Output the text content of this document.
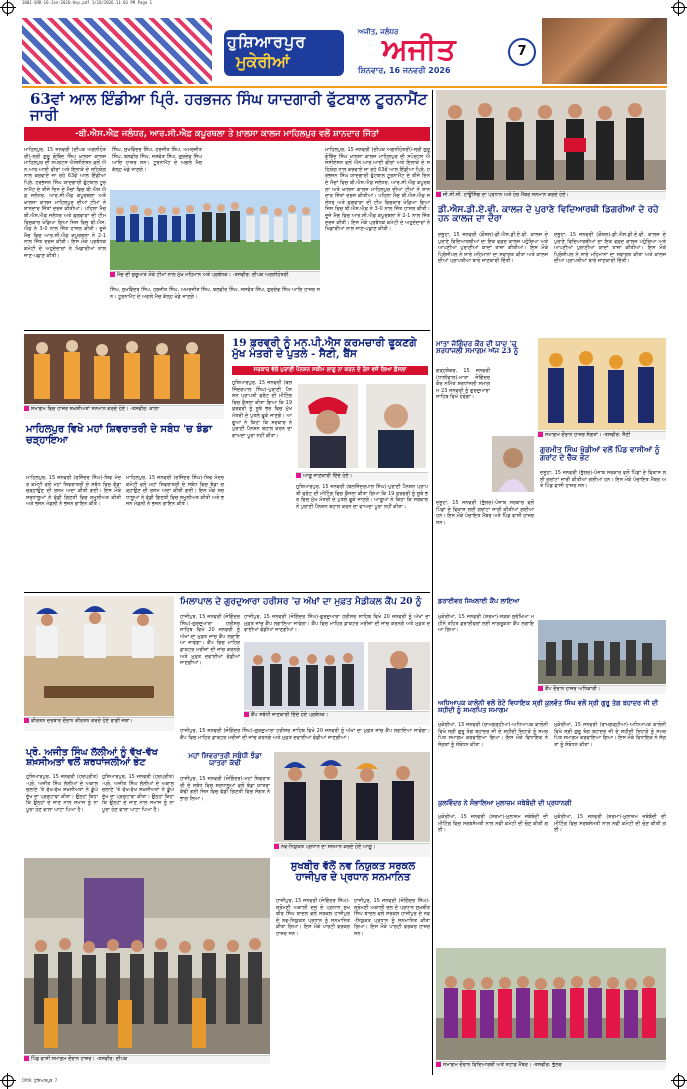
1801-SRR-16-Jan-2026-Hsp.pdf 1/16/2026 11:03 PM Page 1
ਹੁਸ਼ਿਆਰਪੁਰ
ਮੁਕੇਰੀਆਂ
ਅਜੀਤ, ਜਲੰਧਰ
ਅਜੀਤ
ਸ਼ਿਨਵਾਰ, 16 ਜਨਵਰੀ 2026
7
63ਵਾਂ ਆਲ ਇੰਡੀਆ ਪ੍ਰਿੰ. ਹਰਭਜਨ ਸਿੰਘ ਯਾਦਗਾਰੀ ਫੁੱਟਬਾਲ ਟੂਰਨਾਮੈਂਟ ਜਾਰੀ
-ਬੀ.ਐਸ.ਐਫ਼ ਜਲੰਧਰ, ਆਰ.ਸੀ.ਐਫ਼ ਕਪੂਰਥਲਾ ਤੇ ਖ਼ਾਲਸਾ ਕਾਲਜ ਮਾਹਿਲਪੁਰ ਵਲੋਂ ਸ਼ਾਨਦਾਰ ਜਿੱਤਾਂ
ਮਾਹਿਲਪੁਰ, 15 ਜਨਵਰੀ (ਦੀਪਕ ਅਗਨੀਹੋਤਰੀ)-ਸ੍ਰੀ ਗੁਰੂ ਗੋਬਿੰਦ ਸਿੰਘ ਖ਼ਾਲਸਾ ਕਾਲਜ ਮਾਹਿਲਪੁਰ ਦੀ ਸਪੋਰਟਸ ਐਸੋਸੀਏਸ਼ਨ ਵਲੋਂ ਐਨ.ਆਰ.ਆਈ ਵੀਰਾਂ ਅਤੇ ਇਲਾਕੇ ਦੇ ਸਹਿਯੋਗ ਨਾਲ ਕਰਵਾਏ ਜਾ ਰਹੇ 63ਵੇਂ ਆਲ ਇੰਡੀਆ ਪ੍ਰਿੰ. ਹਰਭਜਨ ਸਿੰਘ ਯਾਦਗਾਰੀ ਫੁੱਟਬਾਲ ਟੂਰਨਾਮੈਂਟ ਦੇ ਤੀਜੇ ਦਿਨ ਦੇ ਮੈਚਾਂ ਵਿਚ ਬੀ.ਐਸ.ਐਫ਼ ਜਲੰਧਰ, ਆਰ.ਸੀ.ਐਫ਼ ਕਪੂਰਥਲਾ ਅਤੇ ਖ਼ਾਲਸਾ ਕਾਲਜ ਮਾਹਿਲਪੁਰ ਦੀਆਂ ਟੀਮਾਂ ਨੇ ਸ਼ਾਨਦਾਰ ਜਿੱਤਾਂ ਦਰਜ ਕੀਤੀਆਂ। ਪਹਿਲਾ ਮੈਚ ਬੀ.ਐਸ.ਐਫ਼ ਜਲੰਧਰ ਅਤੇ ਫਗਵਾੜਾ ਦੀ ਟੀਮ ਵਿਚਕਾਰ ਖੇਡਿਆ ਗਿਆ ਜਿਸ ਵਿਚ ਬੀ.ਐਸ.ਐਫ਼ ਨੇ 3-0 ਨਾਲ ਜਿੱਤ ਹਾਸਲ ਕੀਤੀ। ਦੂਜੇ ਮੈਚ ਵਿਚ ਆਰ.ਸੀ.ਐਫ਼ ਕਪੂਰਥਲਾ ਨੇ 2-1 ਨਾਲ ਜਿੱਤ ਦਰਜ ਕੀਤੀ। ਇਸ ਮੌਕੇ ਪ੍ਰਬੰਧਕ ਕਮੇਟੀ ਦੇ ਅਹੁਦੇਦਾਰਾਂ ਨੇ ਖਿਡਾਰੀਆਂ ਨਾਲ ਜਾਣ-ਪਛਾਣ ਕੀਤੀ।
ਸਿੰਘ, ਸੁਖਵਿੰਦਰ ਸਿੰਘ, ਹਰਜੀਤ ਸਿੰਘ, ਅਮਰਜੀਤ ਸਿੰਘ, ਬਲਵੀਰ ਸਿੰਘ, ਜਸਵੰਤ ਸਿੰਘ, ਗੁਰਦੇਵ ਸਿੰਘ ਆਦਿ ਹਾਜ਼ਰ ਸਨ। ਟੂਰਨਾਮੈਂਟ ਦੇ ਅਗਲੇ ਮੈਚ ਕੱਲ੍ਹ ਖੇਡੇ ਜਾਣਗੇ।
ਮੈਚ ਦੀ ਸ਼ੁਰੂਆਤ ਮੌਕੇ ਟੀਮਾਂ ਨਾਲ ਮੁੱਖ ਮਹਿਮਾਨ ਅਤੇ ਪ੍ਰਬੰਧਕ। -ਤਸਵੀਰ: ਦੀਪਕ ਅਗਨੀਹੋਤਰੀ
ਸਿੰਘ, ਸੁਖਵਿੰਦਰ ਸਿੰਘ, ਹਰਜੀਤ ਸਿੰਘ, ਅਮਰਜੀਤ ਸਿੰਘ, ਬਲਵੀਰ ਸਿੰਘ, ਜਸਵੰਤ ਸਿੰਘ, ਗੁਰਦੇਵ ਸਿੰਘ ਆਦਿ ਹਾਜ਼ਰ ਸਨ। ਟੂਰਨਾਮੈਂਟ ਦੇ ਅਗਲੇ ਮੈਚ ਕੱਲ੍ਹ ਖੇਡੇ ਜਾਣਗੇ।
ਮਾਹਿਲਪੁਰ, 15 ਜਨਵਰੀ (ਦੀਪਕ ਅਗਨੀਹੋਤਰੀ)-ਸ੍ਰੀ ਗੁਰੂ ਗੋਬਿੰਦ ਸਿੰਘ ਖ਼ਾਲਸਾ ਕਾਲਜ ਮਾਹਿਲਪੁਰ ਦੀ ਸਪੋਰਟਸ ਐਸੋਸੀਏਸ਼ਨ ਵਲੋਂ ਐਨ.ਆਰ.ਆਈ ਵੀਰਾਂ ਅਤੇ ਇਲਾਕੇ ਦੇ ਸਹਿਯੋਗ ਨਾਲ ਕਰਵਾਏ ਜਾ ਰਹੇ 63ਵੇਂ ਆਲ ਇੰਡੀਆ ਪ੍ਰਿੰ. ਹਰਭਜਨ ਸਿੰਘ ਯਾਦਗਾਰੀ ਫੁੱਟਬਾਲ ਟੂਰਨਾਮੈਂਟ ਦੇ ਤੀਜੇ ਦਿਨ ਦੇ ਮੈਚਾਂ ਵਿਚ ਬੀ.ਐਸ.ਐਫ਼ ਜਲੰਧਰ, ਆਰ.ਸੀ.ਐਫ਼ ਕਪੂਰਥਲਾ ਅਤੇ ਖ਼ਾਲਸਾ ਕਾਲਜ ਮਾਹਿਲਪੁਰ ਦੀਆਂ ਟੀਮਾਂ ਨੇ ਸ਼ਾਨਦਾਰ ਜਿੱਤਾਂ ਦਰਜ ਕੀਤੀਆਂ। ਪਹਿਲਾ ਮੈਚ ਬੀ.ਐਸ.ਐਫ਼ ਜਲੰਧਰ ਅਤੇ ਫਗਵਾੜਾ ਦੀ ਟੀਮ ਵਿਚਕਾਰ ਖੇਡਿਆ ਗਿਆ ਜਿਸ ਵਿਚ ਬੀ.ਐਸ.ਐਫ਼ ਨੇ 3-0 ਨਾਲ ਜਿੱਤ ਹਾਸਲ ਕੀਤੀ। ਦੂਜੇ ਮੈਚ ਵਿਚ ਆਰ.ਸੀ.ਐਫ਼ ਕਪੂਰਥਲਾ ਨੇ 2-1 ਨਾਲ ਜਿੱਤ ਦਰਜ ਕੀਤੀ। ਇਸ ਮੌਕੇ ਪ੍ਰਬੰਧਕ ਕਮੇਟੀ ਦੇ ਅਹੁਦੇਦਾਰਾਂ ਨੇ ਖਿਡਾਰੀਆਂ ਨਾਲ ਜਾਣ-ਪਛਾਣ ਕੀਤੀ।
ਜੀ.ਸੀ.ਸੀ. ਹਾਊਸਿੰਗ ਦਾ ਪ੍ਰਧਾਨ ਅਤੇ ਹੋਰ ਮੈਂਬਰ ਸਨਮਾਨ ਕਰਦੇ ਹੋਏ।
ਡੀ.ਐਸ.ਡੀ.ਏ.ਵੀ. ਕਾਲਜ ਦੇ ਪੁਰਾਣੇ ਵਿਦਿਆਰਥੀ ਡਿਗਰੀਆਂ ਦੇ ਰਹੇ ਹਨ ਕਾਲਜ ਦਾ ਦੌਰਾ
ਦਸੂਹਾ, 15 ਜਨਵਰੀ (ਕੌਸ਼ਲ)-ਡੀ.ਐਸ.ਡੀ.ਏ.ਵੀ. ਕਾਲਜ ਦੇ ਪੁਰਾਣੇ ਵਿਦਿਆਰਥੀਆਂ ਦਾ ਇਕ ਵਫ਼ਦ ਕਾਲਜ ਪਹੁੰਚਿਆ ਅਤੇ ਆਪਣੀਆਂ ਪੁਰਾਣੀਆਂ ਯਾਦਾਂ ਤਾਜ਼ਾ ਕੀਤੀਆਂ। ਇਸ ਮੌਕੇ ਪ੍ਰਿੰਸੀਪਲ ਨੇ ਸਾਰੇ ਮਹਿਮਾਨਾਂ ਦਾ ਸਵਾਗਤ ਕੀਤਾ ਅਤੇ ਕਾਲਜ ਦੀਆਂ ਪ੍ਰਾਪਤੀਆਂ ਬਾਰੇ ਜਾਣਕਾਰੀ ਦਿੱਤੀ।
ਦਸੂਹਾ, 15 ਜਨਵਰੀ (ਕੌਸ਼ਲ)-ਡੀ.ਐਸ.ਡੀ.ਏ.ਵੀ. ਕਾਲਜ ਦੇ ਪੁਰਾਣੇ ਵਿਦਿਆਰਥੀਆਂ ਦਾ ਇਕ ਵਫ਼ਦ ਕਾਲਜ ਪਹੁੰਚਿਆ ਅਤੇ ਆਪਣੀਆਂ ਪੁਰਾਣੀਆਂ ਯਾਦਾਂ ਤਾਜ਼ਾ ਕੀਤੀਆਂ। ਇਸ ਮੌਕੇ ਪ੍ਰਿੰਸੀਪਲ ਨੇ ਸਾਰੇ ਮਹਿਮਾਨਾਂ ਦਾ ਸਵਾਗਤ ਕੀਤਾ ਅਤੇ ਕਾਲਜ ਦੀਆਂ ਪ੍ਰਾਪਤੀਆਂ ਬਾਰੇ ਜਾਣਕਾਰੀ ਦਿੱਤੀ।
ਸਮਾਗਮ ਵਿਚ ਹਾਜ਼ਰ ਸ਼ਖ਼ਸੀਅਤਾਂ ਸਨਮਾਨ ਕਰਦੇ ਹੋਏ। -ਤਸਵੀਰ: ਕਾਲਾ
ਮਾਹਿਲਪੁਰ ਵਿਖੇ ਮਹਾਂ ਸ਼ਿਵਰਾਤਰੀ ਦੇ ਸਬੰਧ 'ਚ ਝੰਡਾ ਚੜ੍ਹਾਇਆ
ਮਾਹਿਲਪੁਰ, 15 ਜਨਵਰੀ (ਰਜਿੰਦਰ ਸਿੰਘ)-ਸ਼ਿਵ ਮੰਦਰ ਕਮੇਟੀ ਵਲੋਂ ਮਹਾਂ ਸ਼ਿਵਰਾਤਰੀ ਦੇ ਸਬੰਧ ਵਿਚ ਝੰਡਾ ਚੜ੍ਹਾਉਣ ਦੀ ਰਸਮ ਅਦਾ ਕੀਤੀ ਗਈ। ਇਸ ਮੌਕੇ ਸ਼ਰਧਾਲੂਆਂ ਨੇ ਵੱਡੀ ਗਿਣਤੀ ਵਿਚ ਸ਼ਮੂਲੀਅਤ ਕੀਤੀ ਅਤੇ ਭਜਨ ਮੰਡਲੀ ਨੇ ਭਜਨ ਗਾਇਨ ਕੀਤੇ।
ਮਾਹਿਲਪੁਰ, 15 ਜਨਵਰੀ (ਰਜਿੰਦਰ ਸਿੰਘ)-ਸ਼ਿਵ ਮੰਦਰ ਕਮੇਟੀ ਵਲੋਂ ਮਹਾਂ ਸ਼ਿਵਰਾਤਰੀ ਦੇ ਸਬੰਧ ਵਿਚ ਝੰਡਾ ਚੜ੍ਹਾਉਣ ਦੀ ਰਸਮ ਅਦਾ ਕੀਤੀ ਗਈ। ਇਸ ਮੌਕੇ ਸ਼ਰਧਾਲੂਆਂ ਨੇ ਵੱਡੀ ਗਿਣਤੀ ਵਿਚ ਸ਼ਮੂਲੀਅਤ ਕੀਤੀ ਅਤੇ ਭਜਨ ਮੰਡਲੀ ਨੇ ਭਜਨ ਗਾਇਨ ਕੀਤੇ।
19 ਫ਼ਰਵਰੀ ਨੂੰ ਮਨ.ਪੀ.ਐਸ ਕਰਮਚਾਰੀ ਫੂਕਣਗੇ ਮੁੱਖ ਮੰਤਰੀ ਦੇ ਪੁਤਲੇ - ਸੈਣੀ, ਬੈਂਸ
ਸਰਕਾਰ ਵੱਲੋਂ ਪੁਰਾਣੀ ਪੈਨਸ਼ਨ ਸਕੀਮ ਲਾਗੂ ਨਾ ਕਰਨ ਦੇ ਰੋਸ ਵਜੋਂ ਲਿਆ ਫ਼ੈਸਲਾ
ਹੁਸ਼ਿਆਰਪੁਰ, 15 ਜਨਵਰੀ (ਬਲਜਿੰਦਰਪਾਲ ਸਿੰਘ)-ਪੁਰਾਣੀ ਪੈਨਸ਼ਨ ਪ੍ਰਾਪਤੀ ਫਰੰਟ ਦੀ ਮੀਟਿੰਗ ਵਿਚ ਫ਼ੈਸਲਾ ਕੀਤਾ ਗਿਆ ਕਿ 19 ਫ਼ਰਵਰੀ ਨੂੰ ਸੂਬੇ ਭਰ ਵਿਚ ਮੁੱਖ ਮੰਤਰੀ ਦੇ ਪੁਤਲੇ ਫੂਕੇ ਜਾਣਗੇ। ਆਗੂਆਂ ਨੇ ਕਿਹਾ ਕਿ ਸਰਕਾਰ ਨੇ ਪੁਰਾਣੀ ਪੈਨਸ਼ਨ ਬਹਾਲ ਕਰਨ ਦਾ ਵਾਅਦਾ ਪੂਰਾ ਨਹੀਂ ਕੀਤਾ।
ਆਗੂ ਜਾਣਕਾਰੀ ਦਿੰਦੇ ਹੋਏ।
ਹੁਸ਼ਿਆਰਪੁਰ, 15 ਜਨਵਰੀ (ਬਲਜਿੰਦਰਪਾਲ ਸਿੰਘ)-ਪੁਰਾਣੀ ਪੈਨਸ਼ਨ ਪ੍ਰਾਪਤੀ ਫਰੰਟ ਦੀ ਮੀਟਿੰਗ ਵਿਚ ਫ਼ੈਸਲਾ ਕੀਤਾ ਗਿਆ ਕਿ 19 ਫ਼ਰਵਰੀ ਨੂੰ ਸੂਬੇ ਭਰ ਵਿਚ ਮੁੱਖ ਮੰਤਰੀ ਦੇ ਪੁਤਲੇ ਫੂਕੇ ਜਾਣਗੇ। ਆਗੂਆਂ ਨੇ ਕਿਹਾ ਕਿ ਸਰਕਾਰ ਨੇ ਪੁਰਾਣੀ ਪੈਨਸ਼ਨ ਬਹਾਲ ਕਰਨ ਦਾ ਵਾਅਦਾ ਪੂਰਾ ਨਹੀਂ ਕੀਤਾ।
ਮਾਤਾ ਜੋਗਿੰਦਰ ਕੌਰ ਦੀ ਯਾਦ 'ਚ ਸ਼ਰਧਾਂਜਲੀ ਸਮਾਗਮ ਅੱਜ 23 ਨੂੰ
ਗੜ੍ਹਸ਼ੰਕਰ, 15 ਜਨਵਰੀ (ਧਾਲੀਵਾਲ)-ਮਾਤਾ ਜੋਗਿੰਦਰ ਕੌਰ ਨਮਿੱਤ ਸ਼ਰਧਾਂਜਲੀ ਸਮਾਗਮ 23 ਜਨਵਰੀ ਨੂੰ ਗੁਰਦੁਆਰਾ ਸਾਹਿਬ ਵਿਖੇ ਹੋਵੇਗਾ।
ਸਮਾਗਮ ਦੌਰਾਨ ਹਾਜ਼ਰ ਸੰਗਤਾਂ। -ਤਸਵੀਰ: ਸੈਣੀ
ਗੁਰਮੀਤ ਸਿੰਘ ਖੁੱਡੀਆਂ ਵਲੋਂ ਪਿੰਡ ਵਾਸੀਆਂ ਨੂੰ ਗਰਾਂਟ ਦੇ ਚੈੱਕ ਭੇਟ
ਦਸੂਹਾ, 15 ਜਨਵਰੀ (ਭੁੱਲਰ)-ਪੰਜਾਬ ਸਰਕਾਰ ਵਲੋਂ ਪਿੰਡਾਂ ਦੇ ਵਿਕਾਸ ਲਈ ਗਰਾਂਟਾਂ ਜਾਰੀ ਕੀਤੀਆਂ ਗਈਆਂ ਹਨ। ਇਸ ਮੌਕੇ ਪੰਚਾਇਤ ਮੈਂਬਰ ਅਤੇ ਪਿੰਡ ਵਾਸੀ ਹਾਜ਼ਰ ਸਨ।
ਦਸੂਹਾ, 15 ਜਨਵਰੀ (ਭੁੱਲਰ)-ਪੰਜਾਬ ਸਰਕਾਰ ਵਲੋਂ ਪਿੰਡਾਂ ਦੇ ਵਿਕਾਸ ਲਈ ਗਰਾਂਟਾਂ ਜਾਰੀ ਕੀਤੀਆਂ ਗਈਆਂ ਹਨ। ਇਸ ਮੌਕੇ ਪੰਚਾਇਤ ਮੈਂਬਰ ਅਤੇ ਪਿੰਡ ਵਾਸੀ ਹਾਜ਼ਰ ਸਨ।
ਡਰਾਈਵਰ ਸਿਖਲਾਈ ਕੈਂਪ ਲਾਇਆ
ਮੁਕੇਰੀਆਂ, 15 ਜਨਵਰੀ (ਸ਼ਰਮਾ)-ਸੜਕ ਸੁਰੱਖਿਆ ਮਹੀਨੇ ਤਹਿਤ ਡਰਾਈਵਰਾਂ ਲਈ ਜਾਗਰੂਕਤਾ ਕੈਂਪ ਲਗਾਇਆ ਗਿਆ।
ਕੈਂਪ ਦੌਰਾਨ ਹਾਜ਼ਰ ਅਧਿਕਾਰੀ।
ਕੀਰਤਨ ਦਰਬਾਰ ਦੌਰਾਨ ਕੀਰਤਨ ਕਰਦੇ ਹੋਏ ਰਾਗੀ ਜਥਾ।
ਮਿਲਾਪਾਲ ਦੇ ਗੁਰਦੁਆਰਾ ਹਰੀਸਰ 'ਚ ਅੱਖਾਂ ਦਾ ਮੁਫ਼ਤ ਮੈਡੀਕਲ ਕੈਂਪ 20 ਨੂੰ
ਹਾਜੀਪੁਰ, 15 ਜਨਵਰੀ (ਜੋਗਿੰਦਰ ਸਿੰਘ)-ਗੁਰਦੁਆਰਾ ਹਰੀਸਰ ਸਾਹਿਬ ਵਿਖੇ 20 ਜਨਵਰੀ ਨੂੰ ਅੱਖਾਂ ਦਾ ਮੁਫ਼ਤ ਜਾਂਚ ਕੈਂਪ ਲਗਾਇਆ ਜਾਵੇਗਾ। ਕੈਂਪ ਵਿਚ ਮਾਹਿਰ ਡਾਕਟਰ ਮਰੀਜ਼ਾਂ ਦੀ ਜਾਂਚ ਕਰਨਗੇ ਅਤੇ ਮੁਫ਼ਤ ਦਵਾਈਆਂ ਵੰਡੀਆਂ ਜਾਣਗੀਆਂ।
ਹਾਜੀਪੁਰ, 15 ਜਨਵਰੀ (ਜੋਗਿੰਦਰ ਸਿੰਘ)-ਗੁਰਦੁਆਰਾ ਹਰੀਸਰ ਸਾਹਿਬ ਵਿਖੇ 20 ਜਨਵਰੀ ਨੂੰ ਅੱਖਾਂ ਦਾ ਮੁਫ਼ਤ ਜਾਂਚ ਕੈਂਪ ਲਗਾਇਆ ਜਾਵੇਗਾ। ਕੈਂਪ ਵਿਚ ਮਾਹਿਰ ਡਾਕਟਰ ਮਰੀਜ਼ਾਂ ਦੀ ਜਾਂਚ ਕਰਨਗੇ ਅਤੇ ਮੁਫ਼ਤ ਦਵਾਈਆਂ ਵੰਡੀਆਂ ਜਾਣਗੀਆਂ।
ਕੈਂਪ ਸਬੰਧੀ ਜਾਣਕਾਰੀ ਦਿੰਦੇ ਹੋਏ ਪ੍ਰਬੰਧਕ।
ਹਾਜੀਪੁਰ, 15 ਜਨਵਰੀ (ਜੋਗਿੰਦਰ ਸਿੰਘ)-ਗੁਰਦੁਆਰਾ ਹਰੀਸਰ ਸਾਹਿਬ ਵਿਖੇ 20 ਜਨਵਰੀ ਨੂੰ ਅੱਖਾਂ ਦਾ ਮੁਫ਼ਤ ਜਾਂਚ ਕੈਂਪ ਲਗਾਇਆ ਜਾਵੇਗਾ। ਕੈਂਪ ਵਿਚ ਮਾਹਿਰ ਡਾਕਟਰ ਮਰੀਜ਼ਾਂ ਦੀ ਜਾਂਚ ਕਰਨਗੇ ਅਤੇ ਮੁਫ਼ਤ ਦਵਾਈਆਂ ਵੰਡੀਆਂ ਜਾਣਗੀਆਂ।
ਅਧਿਆਪਕ ਕਾਲੋਨੀ ਵਲੋਂ ਰੋਟੋ ਵਿਧਾਇਕ ਸ੍ਰੀ ਕੁਲਵੰਤ ਸਿੰਘ ਵਲੋਂ ਸ੍ਰੀ ਗੁਰੂ ਤੇਗ ਬਹਾਦਰ ਜੀ ਦੀ ਸ਼ਹੀਦੀ ਨੂੰ ਸਮਰਪਿਤ ਸਮਾਗਮ
ਮੁਕੇਰੀਆਂ, 15 ਜਨਵਰੀ (ਰਾਮਗੜ੍ਹੀਆ)-ਅਧਿਆਪਕ ਕਾਲੋਨੀ ਵਿਖੇ ਸ੍ਰੀ ਗੁਰੂ ਤੇਗ ਬਹਾਦਰ ਜੀ ਦੇ ਸ਼ਹੀਦੀ ਦਿਹਾੜੇ ਨੂੰ ਸਮਰਪਿਤ ਸਮਾਗਮ ਕਰਵਾਇਆ ਗਿਆ। ਇਸ ਮੌਕੇ ਵਿਧਾਇਕ ਨੇ ਸੰਗਤਾਂ ਨੂੰ ਸੰਬੋਧਨ ਕੀਤਾ।
ਮੁਕੇਰੀਆਂ, 15 ਜਨਵਰੀ (ਰਾਮਗੜ੍ਹੀਆ)-ਅਧਿਆਪਕ ਕਾਲੋਨੀ ਵਿਖੇ ਸ੍ਰੀ ਗੁਰੂ ਤੇਗ ਬਹਾਦਰ ਜੀ ਦੇ ਸ਼ਹੀਦੀ ਦਿਹਾੜੇ ਨੂੰ ਸਮਰਪਿਤ ਸਮਾਗਮ ਕਰਵਾਇਆ ਗਿਆ। ਇਸ ਮੌਕੇ ਵਿਧਾਇਕ ਨੇ ਸੰਗਤਾਂ ਨੂੰ ਸੰਬੋਧਨ ਕੀਤਾ।
ਕੁਲਵਿੰਦਰ ਨੇ ਸੰਭਾਲਿਆ ਮੁਲਾਜ਼ਮ ਜਥੇਬੰਦੀ ਦੀ ਪ੍ਰਧਾਨਗੀ
ਮੁਕੇਰੀਆਂ, 15 ਜਨਵਰੀ (ਸ਼ਰਮਾ)-ਮੁਲਾਜ਼ਮ ਜਥੇਬੰਦੀ ਦੀ ਮੀਟਿੰਗ ਵਿਚ ਸਰਬਸੰਮਤੀ ਨਾਲ ਨਵੀਂ ਕਮੇਟੀ ਦੀ ਚੋਣ ਕੀਤੀ ਗਈ।
ਮੁਕੇਰੀਆਂ, 15 ਜਨਵਰੀ (ਸ਼ਰਮਾ)-ਮੁਲਾਜ਼ਮ ਜਥੇਬੰਦੀ ਦੀ ਮੀਟਿੰਗ ਵਿਚ ਸਰਬਸੰਮਤੀ ਨਾਲ ਨਵੀਂ ਕਮੇਟੀ ਦੀ ਚੋਣ ਕੀਤੀ ਗਈ।
ਸਮਾਗਮ ਦੌਰਾਨ ਵਿਦਿਆਰਥੀ ਅਤੇ ਸਟਾਫ਼ ਮੈਂਬਰ। -ਤਸਵੀਰ: ਭੁੱਲਰ
ਪ੍ਰੋ. ਅਜੀਤ ਸਿੰਘ ਲੱਲੀਆਂ ਨੂੰ ਵੱਖ-ਵੱਖ ਸ਼ਖ਼ਸੀਅਤਾਂ ਵਲੋਂ ਸ਼ਰਧਾਂਜਲੀਆਂ ਭੇਟ
ਹੁਸ਼ਿਆਰਪੁਰ, 15 ਜਨਵਰੀ (ਹਰਪ੍ਰੀਤ)-ਪ੍ਰੋ. ਅਜੀਤ ਸਿੰਘ ਲੱਲੀਆਂ ਦੇ ਅਕਾਲ ਚਲਾਣੇ 'ਤੇ ਵੱਖ-ਵੱਖ ਸ਼ਖ਼ਸੀਅਤਾਂ ਨੇ ਡੂੰਘੇ ਦੁੱਖ ਦਾ ਪ੍ਰਗਟਾਵਾ ਕੀਤਾ। ਉਨ੍ਹਾਂ ਕਿਹਾ ਕਿ ਉਨ੍ਹਾਂ ਦੇ ਜਾਣ ਨਾਲ ਸਮਾਜ ਨੂੰ ਨਾ ਪੂਰਾ ਹੋਣ ਵਾਲਾ ਘਾਟਾ ਪਿਆ ਹੈ।
ਹੁਸ਼ਿਆਰਪੁਰ, 15 ਜਨਵਰੀ (ਹਰਪ੍ਰੀਤ)-ਪ੍ਰੋ. ਅਜੀਤ ਸਿੰਘ ਲੱਲੀਆਂ ਦੇ ਅਕਾਲ ਚਲਾਣੇ 'ਤੇ ਵੱਖ-ਵੱਖ ਸ਼ਖ਼ਸੀਅਤਾਂ ਨੇ ਡੂੰਘੇ ਦੁੱਖ ਦਾ ਪ੍ਰਗਟਾਵਾ ਕੀਤਾ। ਉਨ੍ਹਾਂ ਕਿਹਾ ਕਿ ਉਨ੍ਹਾਂ ਦੇ ਜਾਣ ਨਾਲ ਸਮਾਜ ਨੂੰ ਨਾ ਪੂਰਾ ਹੋਣ ਵਾਲਾ ਘਾਟਾ ਪਿਆ ਹੈ।
ਮਹਾਂ ਸ਼ਿਵਰਾਤਰੀ ਸਬੰਧੀ ਝੰਡਾ ਯਾਤਰਾ ਕੱਢੀ
ਹਾਜੀਪੁਰ, 15 ਜਨਵਰੀ (ਜੋਗਿੰਦਰ)-ਮਹਾਂ ਸ਼ਿਵਰਾਤਰੀ ਦੇ ਸਬੰਧ ਵਿਚ ਸ਼ਰਧਾਲੂਆਂ ਵਲੋਂ ਝੰਡਾ ਯਾਤਰਾ ਕੱਢੀ ਗਈ ਜਿਸ ਵਿਚ ਵੱਡੀ ਗਿਣਤੀ ਵਿਚ ਸੰਗਤ ਨੇ ਭਾਗ ਲਿਆ।
ਨਵ-ਨਿਯੁਕਤ ਪ੍ਰਧਾਨ ਦਾ ਸਨਮਾਨ ਕਰਦੇ ਹੋਏ ਆਗੂ।
ਸੁਖਬੀਰ ਵੱਲੋਂ ਨਵ ਨਿਯੁਕਤ ਸਰਕਲ ਹਾਜੀਪੁਰ ਦੇ ਪ੍ਰਧਾਨ ਸਨਮਾਨਿਤ
ਹਾਜੀਪੁਰ, 15 ਜਨਵਰੀ (ਜੋਗਿੰਦਰ ਸਿੰਘ)-ਸ਼੍ਰੋਮਣੀ ਅਕਾਲੀ ਦਲ ਦੇ ਪ੍ਰਧਾਨ ਸੁਖਬੀਰ ਸਿੰਘ ਬਾਦਲ ਵਲੋਂ ਸਰਕਲ ਹਾਜੀਪੁਰ ਦੇ ਨਵ-ਨਿਯੁਕਤ ਪ੍ਰਧਾਨ ਨੂੰ ਸਨਮਾਨਿਤ ਕੀਤਾ ਗਿਆ। ਇਸ ਮੌਕੇ ਪਾਰਟੀ ਵਰਕਰ ਹਾਜ਼ਰ ਸਨ।
ਹਾਜੀਪੁਰ, 15 ਜਨਵਰੀ (ਜੋਗਿੰਦਰ ਸਿੰਘ)-ਸ਼੍ਰੋਮਣੀ ਅਕਾਲੀ ਦਲ ਦੇ ਪ੍ਰਧਾਨ ਸੁਖਬੀਰ ਸਿੰਘ ਬਾਦਲ ਵਲੋਂ ਸਰਕਲ ਹਾਜੀਪੁਰ ਦੇ ਨਵ-ਨਿਯੁਕਤ ਪ੍ਰਧਾਨ ਨੂੰ ਸਨਮਾਨਿਤ ਕੀਤਾ ਗਿਆ। ਇਸ ਮੌਕੇ ਪਾਰਟੀ ਵਰਕਰ ਹਾਜ਼ਰ ਸਨ।
ਪਿੰਡ ਵਾਸੀ ਸਮਾਗਮ ਦੌਰਾਨ ਹਾਜ਼ਰ। -ਤਸਵੀਰ: ਦੀਪਕ
CMYK ਹੁਸ਼ਿਆਰਪੁਰ 7
